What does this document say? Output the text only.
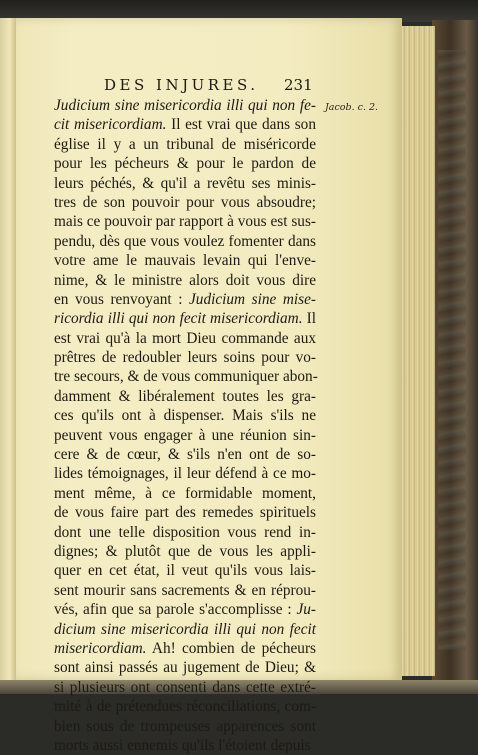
DES INJURES. 231
Jacob. c. 2.
Judicium sine misericordia illi qui non fe-
cit misericordiam. Il est vrai que dans son
église il y a un tribunal de miséricorde
pour les pécheurs & pour le pardon de
leurs péchés, & qu'il a revêtu ses minis-
tres de son pouvoir pour vous absoudre;
mais ce pouvoir par rapport à vous est sus-
pendu, dès que vous voulez fomenter dans
votre ame le mauvais levain qui l'enve-
nime, & le ministre alors doit vous dire
en vous renvoyant : Judicium sine mise-
ricordia illi qui non fecit misericordiam. Il
est vrai qu'à la mort Dieu commande aux
prêtres de redoubler leurs soins pour vo-
tre secours, & de vous communiquer abon-
damment & libéralement toutes les gra-
ces qu'ils ont à dispenser. Mais s'ils ne
peuvent vous engager à une réunion sin-
cere & de cœur, & s'ils n'en ont de so-
lides témoignages, il leur défend à ce mo-
ment même, à ce formidable moment,
de vous faire part des remedes spirituels
dont une telle disposition vous rend in-
dignes; & plutôt que de vous les appli-
quer en cet état, il veut qu'ils vous lais-
sent mourir sans sacrements & en réprou-
vés, afin que sa parole s'accomplisse : Ju-
dicium sine misericordia illi qui non fecit
misericordiam. Ah! combien de pécheurs
sont ainsi passés au jugement de Dieu; &
si plusieurs ont consenti dans cette extré-
mité à de prétendues réconciliations, com-
bien sous de trompeuses apparences sont
morts aussi ennemis qu'ils l'étoient depuis
